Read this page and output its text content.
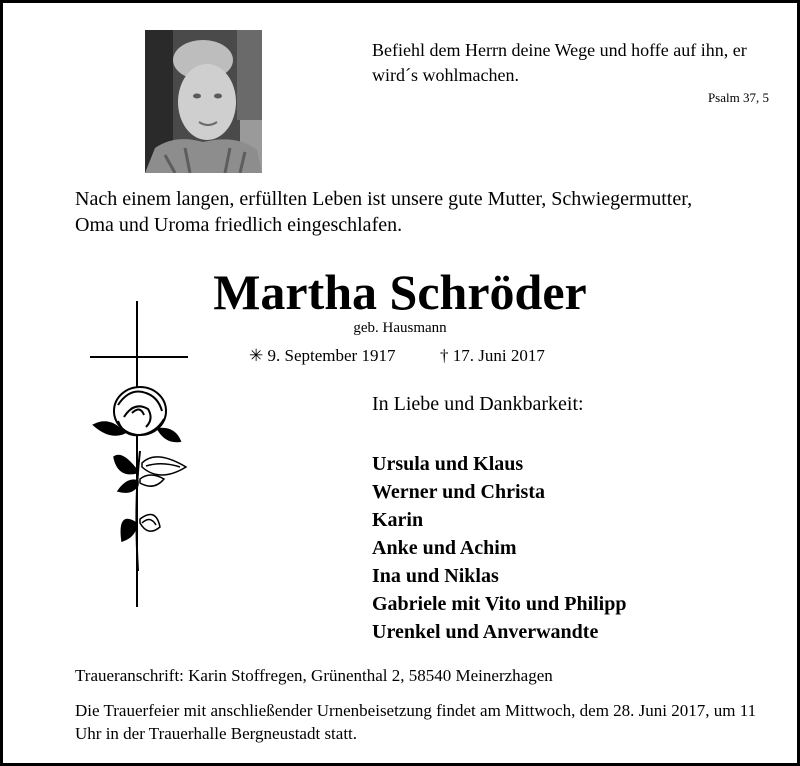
Befiehl dem Herrn deine Wege und hoffe auf ihn, er wird´s wohlmachen.
Psalm 37, 5
Nach einem langen, erfüllten Leben ist unsere gute Mutter, Schwiegermutter,
Oma und Uroma friedlich eingeschlafen.
Martha Schröder
geb. Hausmann
✳ 9. September 1917	† 17. Juni 2017
In Liebe und Dankbarkeit:
Ursula und Klaus
Werner und Christa
Karin
Anke und Achim
Ina und Niklas
Gabriele mit Vito und Philipp
Urenkel und Anverwandte
Traueranschrift: Karin Stoffregen, Grünenthal 2, 58540 Meinerzhagen
Die Trauerfeier mit anschließender Urnenbeisetzung findet am Mittwoch, dem 28. Juni 2017, um 11 Uhr in der Trauerhalle Bergneustadt statt.
